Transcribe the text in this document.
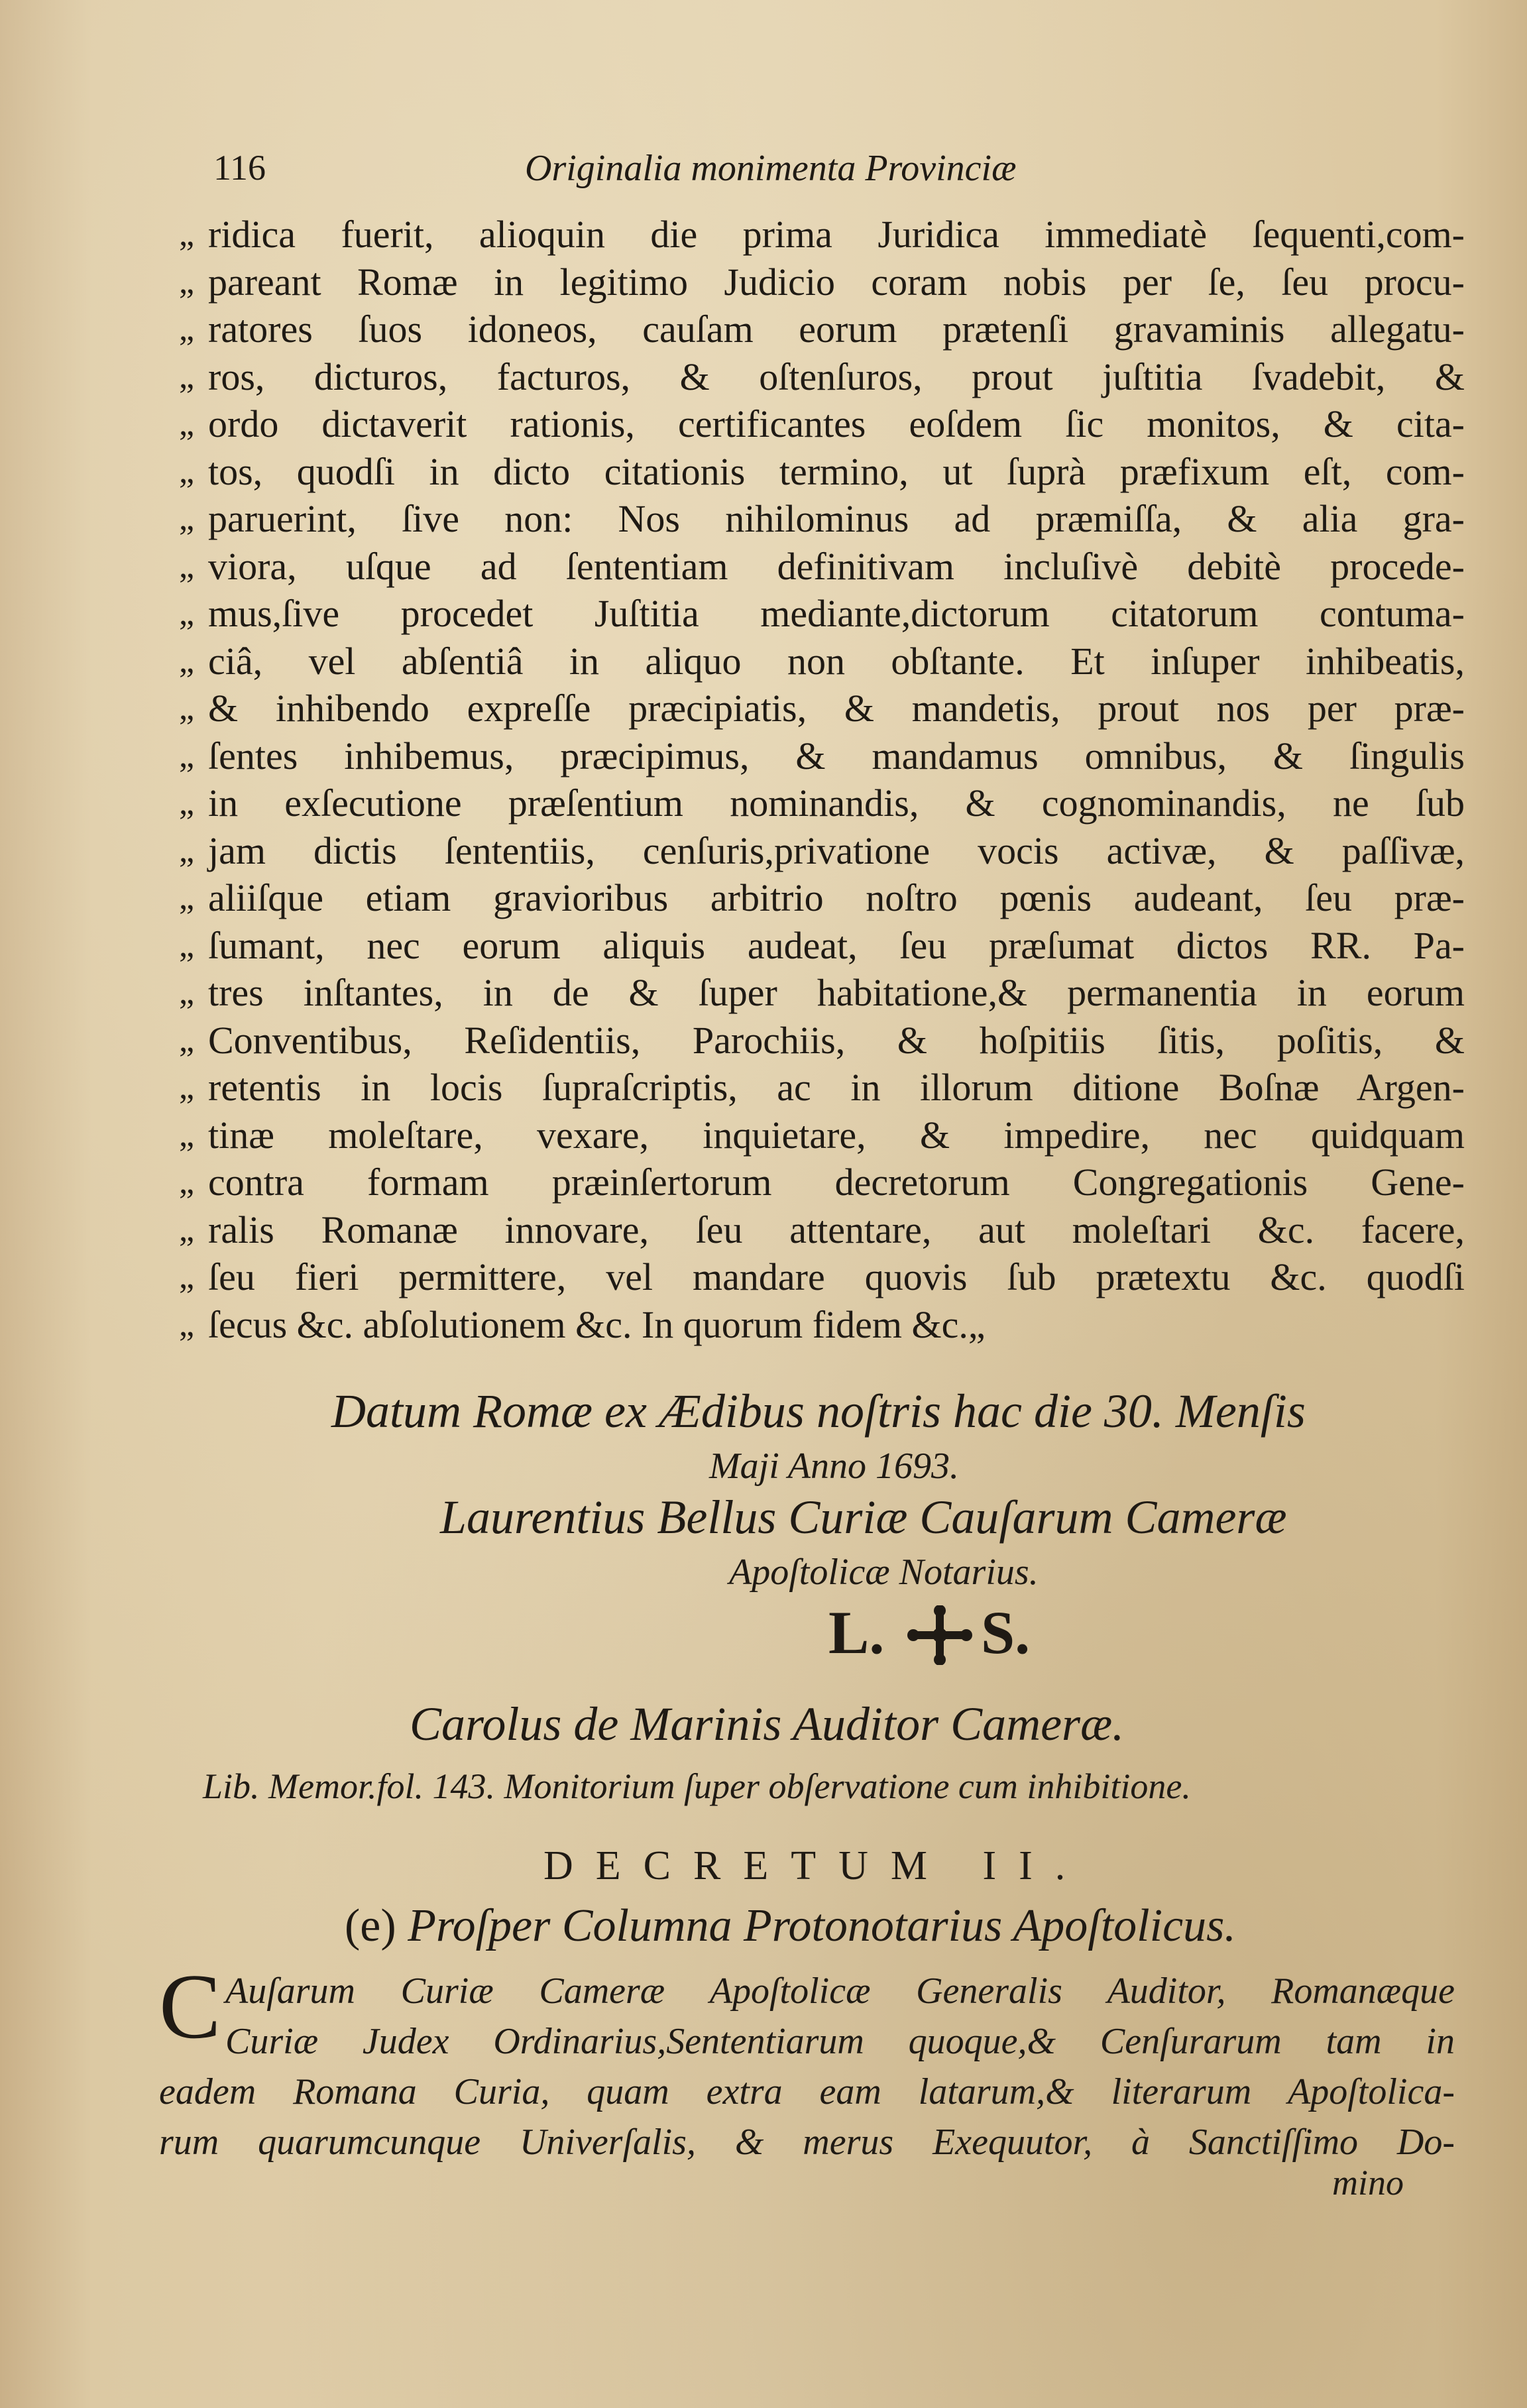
116	Originalia monimenta Provinciæ
„ ridica fuerit, alioquin die prima Juridica immediatè ſequenti,com-
„ pareant Romæ in legitimo Judicio coram nobis per ſe, ſeu procu-
„ ratores ſuos idoneos, cauſam eorum prætenſi gravaminis allegatu-
„ ros, dicturos, facturos, & oſtenſuros, prout juſtitia ſvadebit, &
„ ordo dictaverit rationis, certificantes eoſdem ſic monitos, & cita-
„ tos, quodſi in dicto citationis termino, ut ſuprà præfixum eſt, com-
„ paruerint, ſive non: Nos nihilominus ad præmiſſa, & alia gra-
„ viora, uſque ad ſententiam definitivam incluſivè debitè procede-
„ mus,ſive procedet Juſtitia mediante,dictorum citatorum contuma-
„ ciâ, vel abſentiâ in aliquo non obſtante. Et inſuper inhibeatis,
„ & inhibendo expreſſe præcipiatis, & mandetis, prout nos per præ-
„ ſentes inhibemus, præcipimus, & mandamus omnibus, & ſingulis
„ in exſecutione præſentium nominandis, & cognominandis, ne ſub
„ jam dictis ſententiis, cenſuris,privatione vocis activæ, & paſſivæ,
„ aliiſque etiam gravioribus arbitrio noſtro pœnis audeant, ſeu præ-
„ ſumant, nec eorum aliquis audeat, ſeu præſumat dictos RR. Pa-
„ tres inſtantes, in de & ſuper habitatione,& permanentia in eorum
„ Conventibus, Reſidentiis, Parochiis, & hoſpitiis ſitis, poſitis, &
„ retentis in locis ſupraſcriptis, ac in illorum ditione Boſnæ Argen-
„ tinæ moleſtare, vexare, inquietare, & impedire, nec quidquam
„ contra formam præinſertorum decretorum Congregationis Gene-
„ ralis Romanæ innovare, ſeu attentare, aut moleſtari &c. facere,
„ ſeu fieri permittere, vel mandare quovis ſub prætextu &c. quodſi
„ ſecus &c. abſolutionem &c. In quorum fidem &c.„
Datum Romæ ex Ædibus noſtris hac die 30. Menſis
Maji Anno 1693.
Laurentius Bellus Curiæ Cauſarum Cameræ
Apoſtolicæ Notarius.
L. S.
Carolus de Marinis Auditor Cameræ.
Lib. Memor.fol. 143. Monitorium ſuper obſervatione cum inhibitione.
DECRETUM II.
(e) Proſper Columna Protonotarius Apoſtolicus.
C Auſarum Curiæ Cameræ Apoſtolicæ Generalis Auditor, Romanæque
Curiæ Judex Ordinarius,Sententiarum quoque,& Cenſurarum tam in
eadem Romana Curia, quam extra eam latarum,& literarum Apoſtolica-
rum quarumcunque Univerſalis, & merus Exequutor, à Sanctiſſimo Do-
mino
